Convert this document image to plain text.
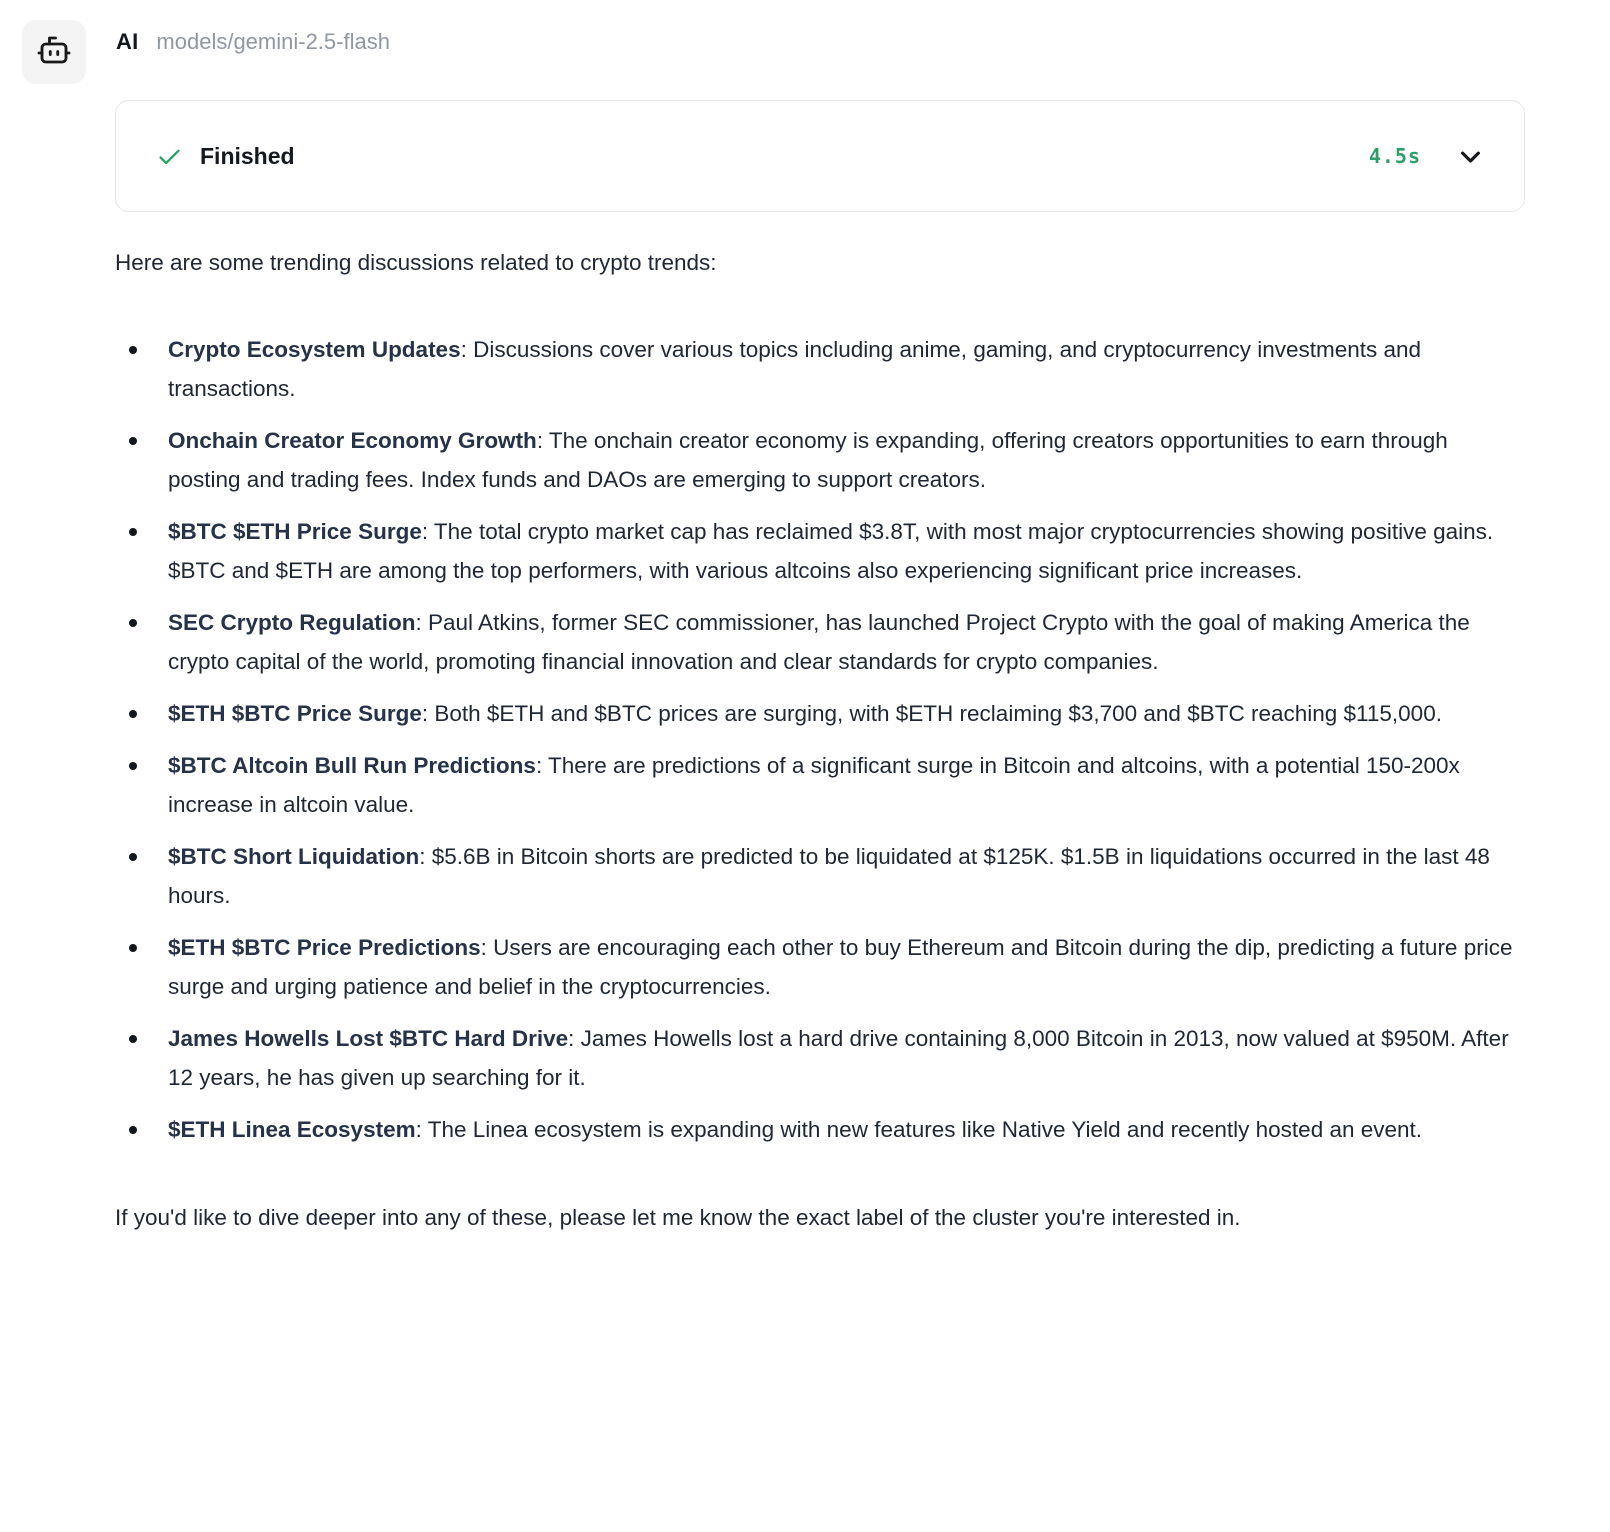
AI models/gemini-2.5-flash
Finished	4.5s

Here are some trending discussions related to crypto trends:

Crypto Ecosystem Updates: Discussions cover various topics including anime, gaming, and cryptocurrency investments and transactions.
Onchain Creator Economy Growth: The onchain creator economy is expanding, offering creators opportunities to earn through posting and trading fees. Index funds and DAOs are emerging to support creators.
$BTC $ETH Price Surge: The total crypto market cap has reclaimed $3.8T, with most major cryptocurrencies showing positive gains. $BTC and $ETH are among the top performers, with various altcoins also experiencing significant price increases.
SEC Crypto Regulation: Paul Atkins, former SEC commissioner, has launched Project Crypto with the goal of making America the crypto capital of the world, promoting financial innovation and clear standards for crypto companies.
$ETH $BTC Price Surge: Both $ETH and $BTC prices are surging, with $ETH reclaiming $3,700 and $BTC reaching $115,000.
$BTC Altcoin Bull Run Predictions: There are predictions of a significant surge in Bitcoin and altcoins, with a potential 150-200x increase in altcoin value.
$BTC Short Liquidation: $5.6B in Bitcoin shorts are predicted to be liquidated at $125K. $1.5B in liquidations occurred in the last 48 hours.
$ETH $BTC Price Predictions: Users are encouraging each other to buy Ethereum and Bitcoin during the dip, predicting a future price surge and urging patience and belief in the cryptocurrencies.
James Howells Lost $BTC Hard Drive: James Howells lost a hard drive containing 8,000 Bitcoin in 2013, now valued at $950M. After 12 years, he has given up searching for it.
$ETH Linea Ecosystem: The Linea ecosystem is expanding with new features like Native Yield and recently hosted an event.

If you'd like to dive deeper into any of these, please let me know the exact label of the cluster you're interested in.
